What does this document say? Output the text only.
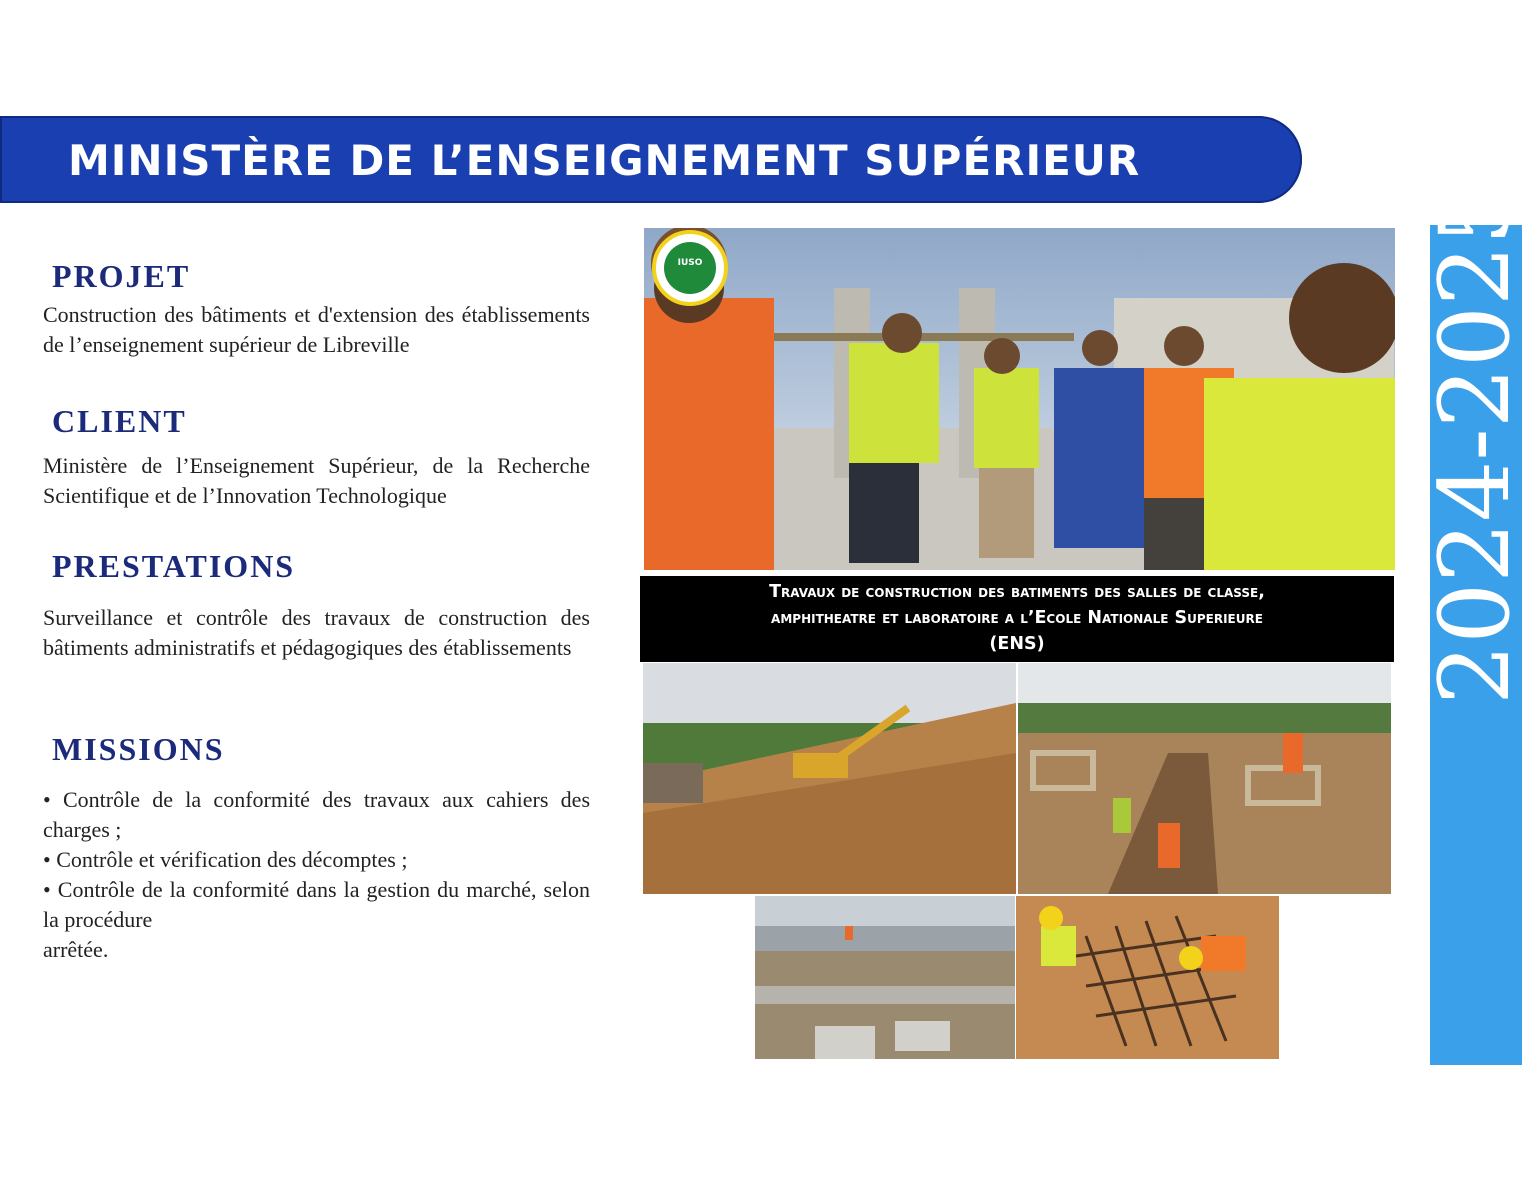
MINISTÈRE DE L’ENSEIGNEMENT SUPÉRIEUR
PROJET
Construction des bâtiments et d'extension des établissements de l’enseignement supérieur de Libreville
CLIENT
Ministère de l’Enseignement Supérieur, de la Recherche Scientifique et de l’Innovation Technologique
PRESTATIONS
Surveillance et contrôle des travaux de construction des bâtiments administratifs et pédagogiques des établissements
MISSIONS

• Contrôle de la conformité des travaux aux cahiers des charges ;

• Contrôle et vérification des décomptes ;

• Contrôle de la conformité dans la gestion du marché, selon la procédure

arrêtée.

IUSO
Travaux de construction des batiments des salles de classe,
amphitheatre et laboratoire a l’Ecole Nationale Superieure
(ENS)	2024-2025
